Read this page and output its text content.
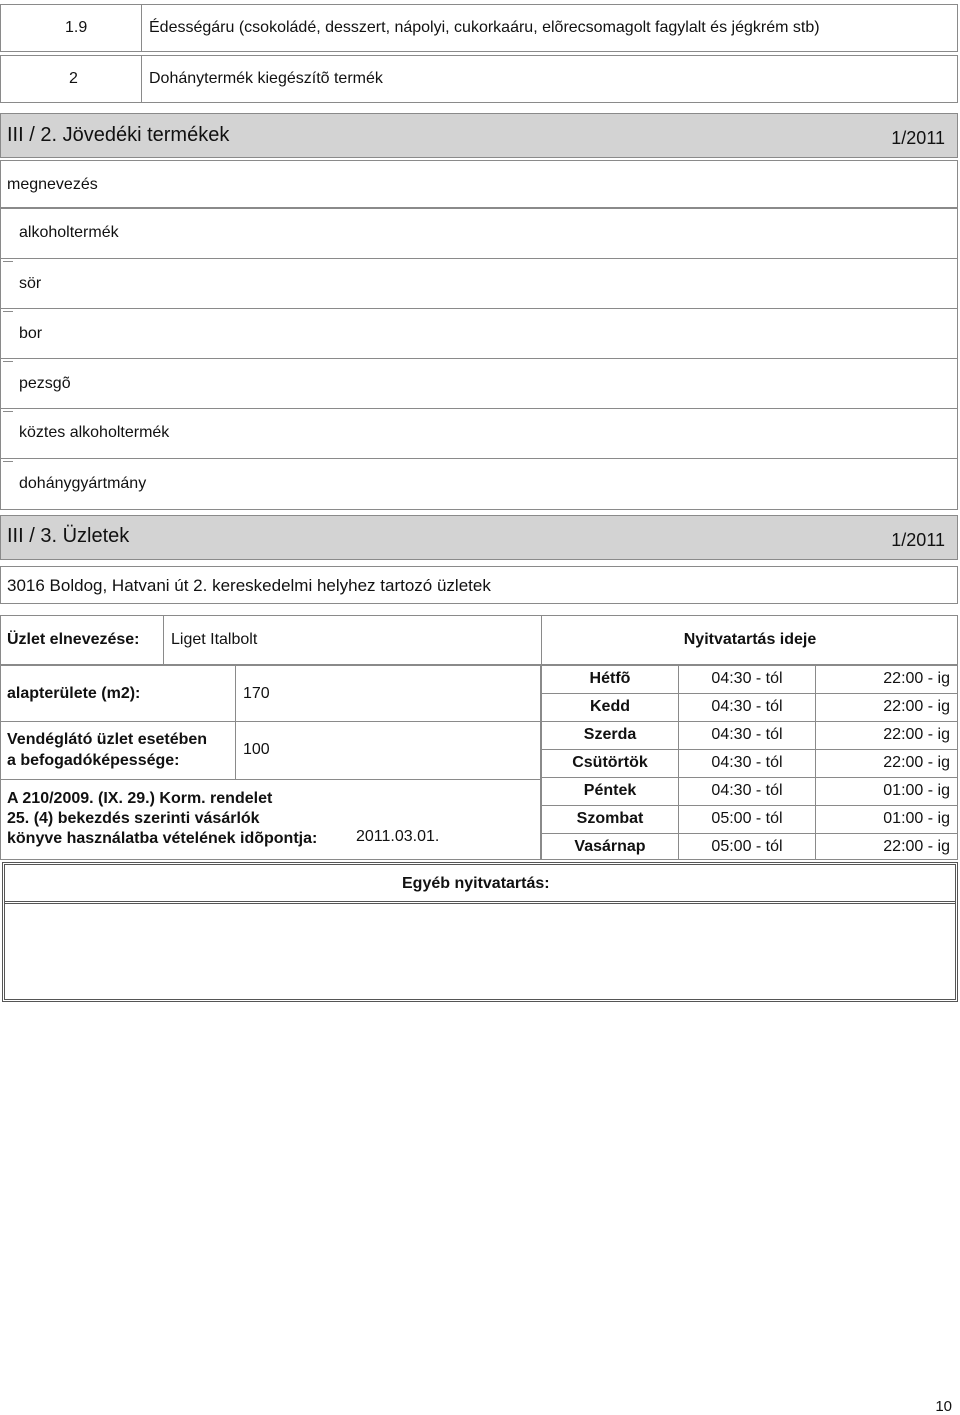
1.9	Édességáru (csokoládé, desszert, nápolyi, cukorkaáru, elõrecsomagolt fagylalt és jégkrém stb)
2	Dohánytermék kiegészítõ termék
III / 2. Jövedéki termékek	1/2011
megnevezés
alkoholtermék
sör
bor
pezsgõ
köztes alkoholtermék
dohánygyártmány
III / 3. Üzletek	1/2011
3016 Boldog, Hatvani út 2. kereskedelmi helyhez tartozó üzletek
Üzlet elnevezése: Liget Italbolt	Nyitvatartás ideje
alapterülete (m2):	170
Vendéglátó üzlet esetében
a befogadóképessége:
100
A 210/2009. (IX. 29.) Korm. rendelet
25. (4) bekezdés szerinti vásárlók
könyve használatba vételének idõpontja: 2011.03.01.
Hétfõ	04:30 - tól	22:00 - ig
Kedd	04:30 - tól	22:00 - ig
Szerda	04:30 - tól	22:00 - ig
Csütörtök	04:30 - tól	22:00 - ig
Péntek	04:30 - tól	01:00 - ig
Szombat	05:00 - tól	01:00 - ig
Vasárnap	05:00 - tól	22:00 - ig
Egyéb nyitvatartás:
10
